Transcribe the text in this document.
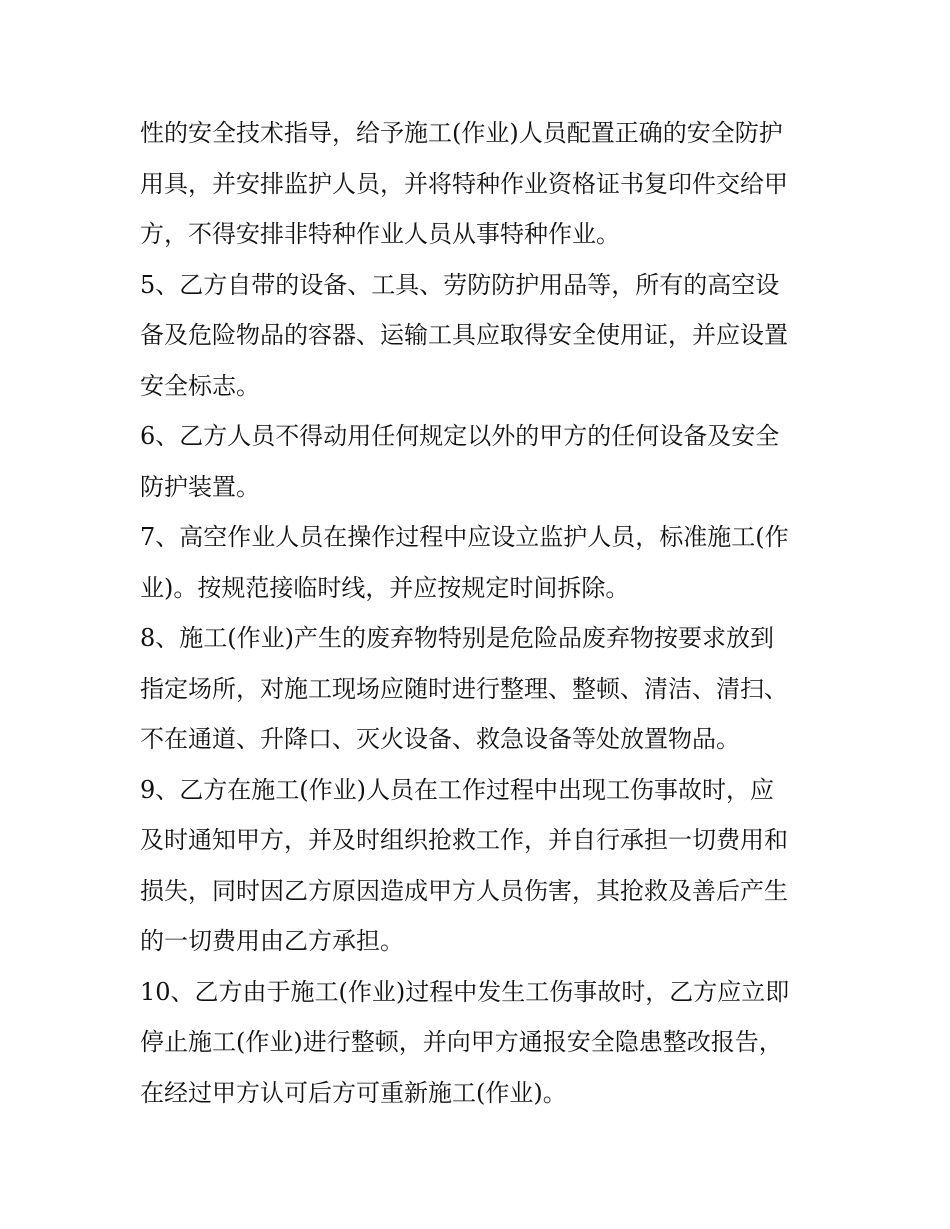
性的安全技术指导，给予施工(作业)人员配置正确的安全防护
用具，并安排监护人员，并将特种作业资格证书复印件交给甲
方，不得安排非特种作业人员从事特种作业。
5、乙方自带的设备、工具、劳防防护用品等，所有的高空设
备及危险物品的容器、运输工具应取得安全使用证，并应设置
安全标志。
6、乙方人员不得动用任何规定以外的甲方的任何设备及安全
防护装置。
7、高空作业人员在操作过程中应设立监护人员，标准施工(作
业)。按规范接临时线，并应按规定时间拆除。
8、施工(作业)产生的废弃物特别是危险品废弃物按要求放到
指定场所，对施工现场应随时进行整理、整顿、清洁、清扫、
不在通道、升降口、灭火设备、救急设备等处放置物品。
9、乙方在施工(作业)人员在工作过程中出现工伤事故时，应
及时通知甲方，并及时组织抢救工作，并自行承担一切费用和
损失，同时因乙方原因造成甲方人员伤害，其抢救及善后产生
的一切费用由乙方承担。
10、乙方由于施工(作业)过程中发生工伤事故时，乙方应立即
停止施工(作业)进行整顿，并向甲方通报安全隐患整改报告，
在经过甲方认可后方可重新施工(作业)。
